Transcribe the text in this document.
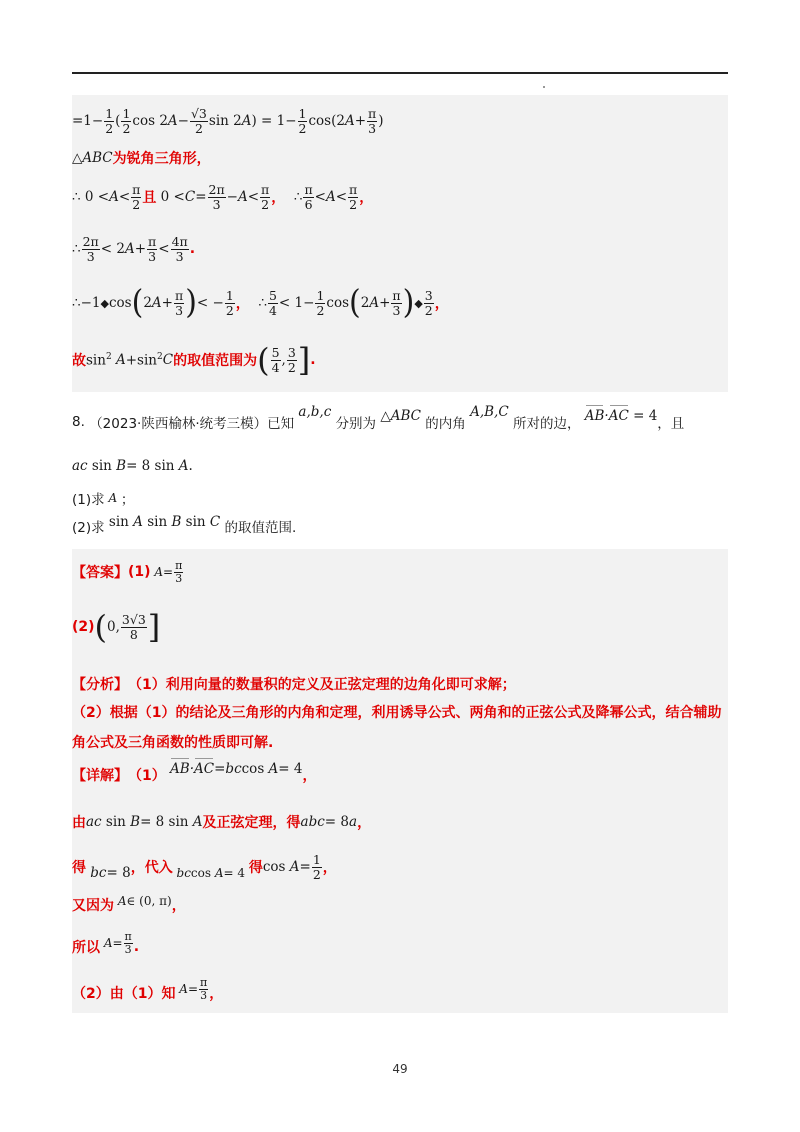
$=1- \frac{1}{2}$ ( $\frac{1}{2}$ cos 2 $A - \frac{√3}{2}$ sin 2 A ) = $1- \frac{1}{2} \cos(2$ $A + \frac{\pi}{3}$ )
△ABC 为锐角三角形，
∴ $0 < A < \frac{\pi}{2}$ 且 $0 < C = \frac{2\pi}{3} - A < \frac{\pi}{2}$ ，
∴ $\frac{\pi}{6} < A < \frac{\pi}{2}$ ，
∴ $\frac{2\pi}{3} < 2$ $A + \frac{\pi}{3} < \frac{4\pi}{3}$ .
∴ −1 ◆ cos ( 2 $A + \frac{\pi}{3}$ ) < − $\frac{1}{2}$ ，
∴ $\frac{5}{4} < 1- \frac{1}{2}$ cos ( 2 $A + \frac{\pi}{3}$ ) ◆ $\frac{3}{2}$ ，
故 $\sin^2 A +\sin^2$ C 的取值范围为 ( $\frac{5}{4}$ , $\frac{3}{2}$ ] .
8.
（2023·陕西榆林·统考三模）已知
a,b,c
分别为 △ABC 的内角
A,B,C
所对的边， AB·AC = 4 ，且
ac sin B = 8 sin A .
(1)求 A ；
(2)求 sin A sin B sin C
的取值范围.
【答案】 (1) $A = \frac{\pi}{3}$
(2) ( 0, $\frac{3√3}{8}$ ]
【分析】 （1）利用向量的数量积的定义及正弦定理的边角化即可求解；
（2）根据（1）的结论及三角形的内角和定理，利用诱导公式、两角和的正弦公式及降幂公式，结合辅助
角公式及三角函数的性质即可解.
【详解】 （1） AB·AC = bc cos A = 4 ，
由 ac sin B = 8 sin A 及正弦定理，得 abc = 8 a ，
得 bc = 8 ，代入 bc cos A = 4 得 $\cos A = \frac{1}{2}$ ，
又因为 A ∈ (0, π) ，
所以 $A = \frac{\pi}{3}$ .
（2）由（1）知 $A = \frac{\pi}{3}$ ，
49
